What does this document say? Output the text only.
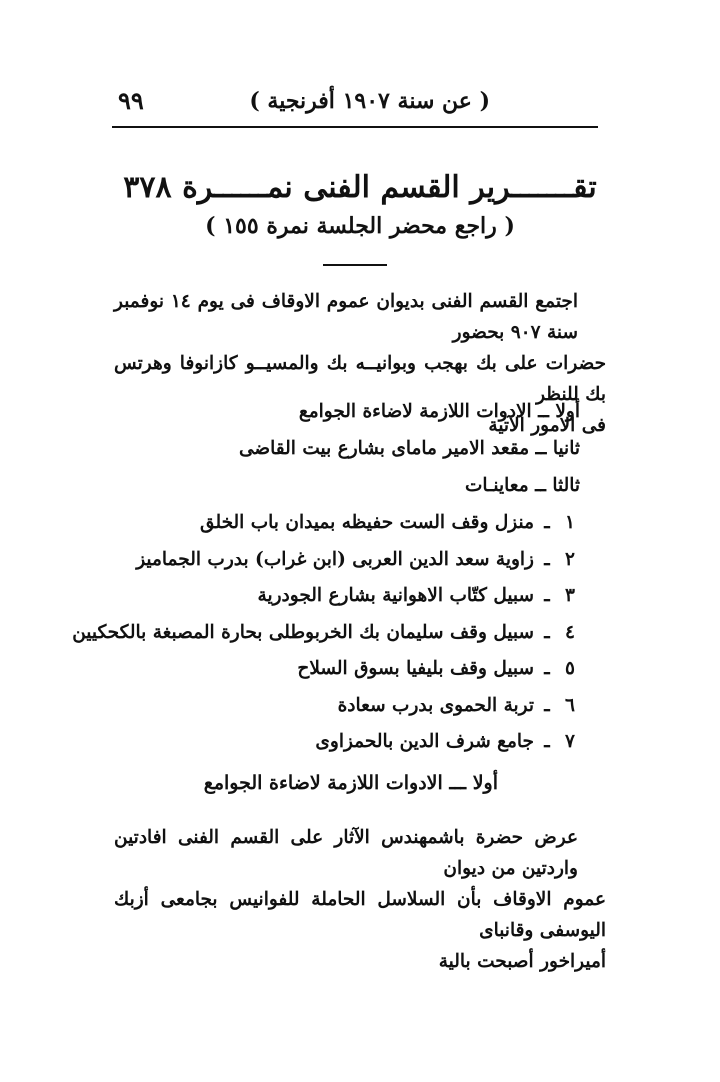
( عن سنة ١٩٠٧ أفرنجية )
٩٩
تقـــــــرير القسم الفنى نمــــــرة ٣٧٨
( راجع محضر الجلسة نمرة ١٥٥ )
اجتمع القسم الفنى بديوان عموم الاوقاف فى يوم ١٤ نوفمبر سنة ٩٠٧ بحضور
حضرات على بك بهجب وبوانيــه بك والمسيــو كازانوفا وهرتس بك للنظر
فى الامور الآتية
أولا ــ الادوات اللازمة لاضاءة الجوامع
ثانيا ــ مقعد الامير ماماى بشارع بيت القاضى
ثالثا ــ معاينـات
١ـمنزل وقف الست حفيظه بميدان باب الخلق
٢ـزاوية سعد الدين العربى (ابن غراب) بدرب الجماميز
٣ـسبيل كتّاب الاهوانية بشارع الجودرية
٤ـسبيل وقف سليمان بك الخربوطلى بحارة المصبغة بالكحكيين
٥ـسبيل وقف بليفيا بسوق السلاح
٦ـتربة الحموى بدرب سعادة
٧ـجامع شرف الدين بالحمزاوى
أولا ـــ الادوات اللازمة لاضاءة الجوامع
عرض حضرة باشمهندس الآثار على القسم الفنى افادتين واردتين من ديوان
عموم الاوقاف بأن السلاسل الحاملة للفوانيس بجامعى أزبك اليوسفى وقانباى
أميراخور أصبحت بالية
